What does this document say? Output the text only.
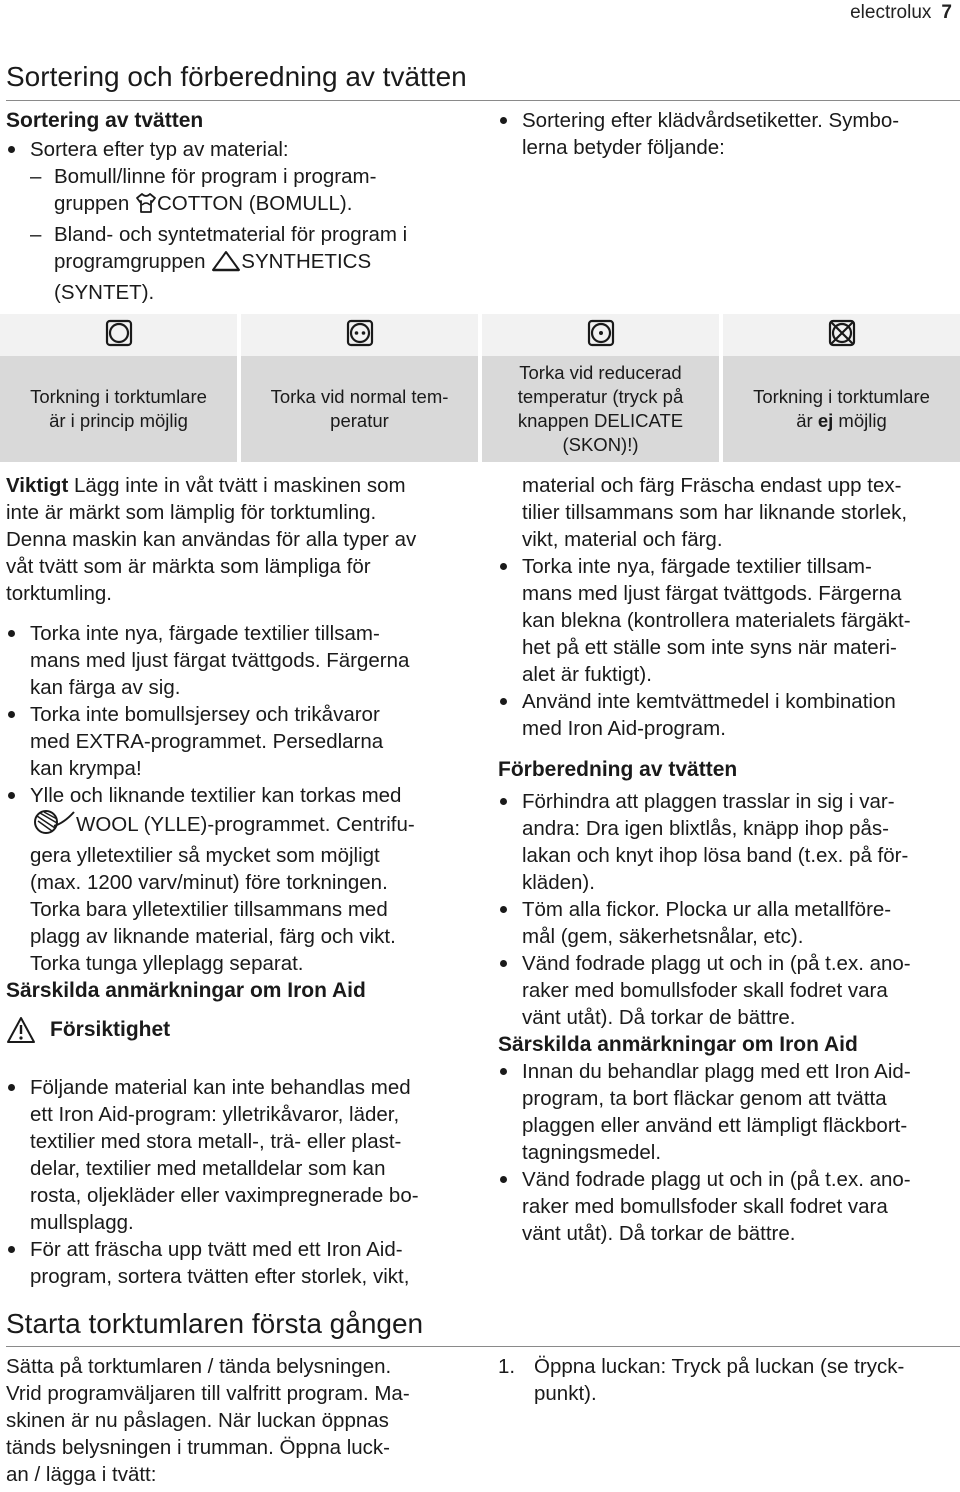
electrolux 7
Sortering och förberedning av tvätten
Sortering av tvätten
Sortera efter typ av material:
– Bomull/linne för program i program-
gruppen COTTON (BOMULL).
– Bland- och syntetmaterial för program i
programgruppen SYNTHETICS
(SYNTET).
Sortering efter klädvårdsetiketter. Symbo-
lerna betyder följande:
Torkning i torktumlare
är i princip möjlig
Torka vid normal tem-
peratur
Torka vid reducerad
temperatur (tryck på
knappen DELICATE
(SKON)!)
Torkning i torktumlare
är ej möjlig
Viktigt Lägg inte in våt tvätt i maskinen som
inte är märkt som lämplig för torktumling.
Denna maskin kan användas för alla typer av
våt tvätt som är märkta som lämpliga för
torktumling.
Torka inte nya, färgade textilier tillsam-
mans med ljust färgat tvättgods. Färgerna
kan färga av sig.
Torka inte bomullsjersey och trikåvaror
med EXTRA-programmet. Persedlarna
kan krympa!
Ylle och liknande textilier kan torkas med
WOOL (YLLE)-programmet. Centrifu-
gera ylletextilier så mycket som möjligt
(max. 1200 varv/minut) före torkningen.
Torka bara ylletextilier tillsammans med
plagg av liknande material, färg och vikt.
Torka tunga ylleplagg separat.
Särskilda anmärkningar om Iron Aid
Försiktighet
Följande material kan inte behandlas med
ett Iron Aid-program: ylletrikåvaror, läder,
textilier med stora metall-, trä- eller plast-
delar, textilier med metalldelar som kan
rosta, oljekläder eller vaximpregnerade bo-
mullsplagg.
För att fräscha upp tvätt med ett Iron Aid-
program, sortera tvätten efter storlek, vikt,
material och färg Fräscha endast upp tex-
tilier tillsammans som har liknande storlek,
vikt, material och färg.
Torka inte nya, färgade textilier tillsam-
mans med ljust färgat tvättgods. Färgerna
kan blekna (kontrollera materialets färgäkt-
het på ett ställe som inte syns när materi-
alet är fuktigt).
Använd inte kemtvättmedel i kombination
med Iron Aid-program.
Förberedning av tvätten
Förhindra att plaggen trasslar in sig i var-
andra: Dra igen blixtlås, knäpp ihop pås-
lakan och knyt ihop lösa band (t.ex. på för-
kläden).
Töm alla fickor. Plocka ur alla metallföre-
mål (gem, säkerhetsnålar, etc).
Vänd fodrade plagg ut och in (på t.ex. ano-
raker med bomullsfoder skall fodret vara
vänt utåt). Då torkar de bättre.
Särskilda anmärkningar om Iron Aid
Innan du behandlar plagg med ett Iron Aid-
program, ta bort fläckar genom att tvätta
plaggen eller använd ett lämpligt fläckbort-
tagningsmedel.
Vänd fodrade plagg ut och in (på t.ex. ano-
raker med bomullsfoder skall fodret vara
vänt utåt). Då torkar de bättre.
Starta torktumlaren första gången
Sätta på torktumlaren / tända belysningen.
Vrid programväljaren till valfritt program. Ma-
skinen är nu påslagen. När luckan öppnas
tänds belysningen i trumman. Öppna luck-
an / lägga i tvätt:
1. Öppna luckan: Tryck på luckan (se tryck-
punkt).
